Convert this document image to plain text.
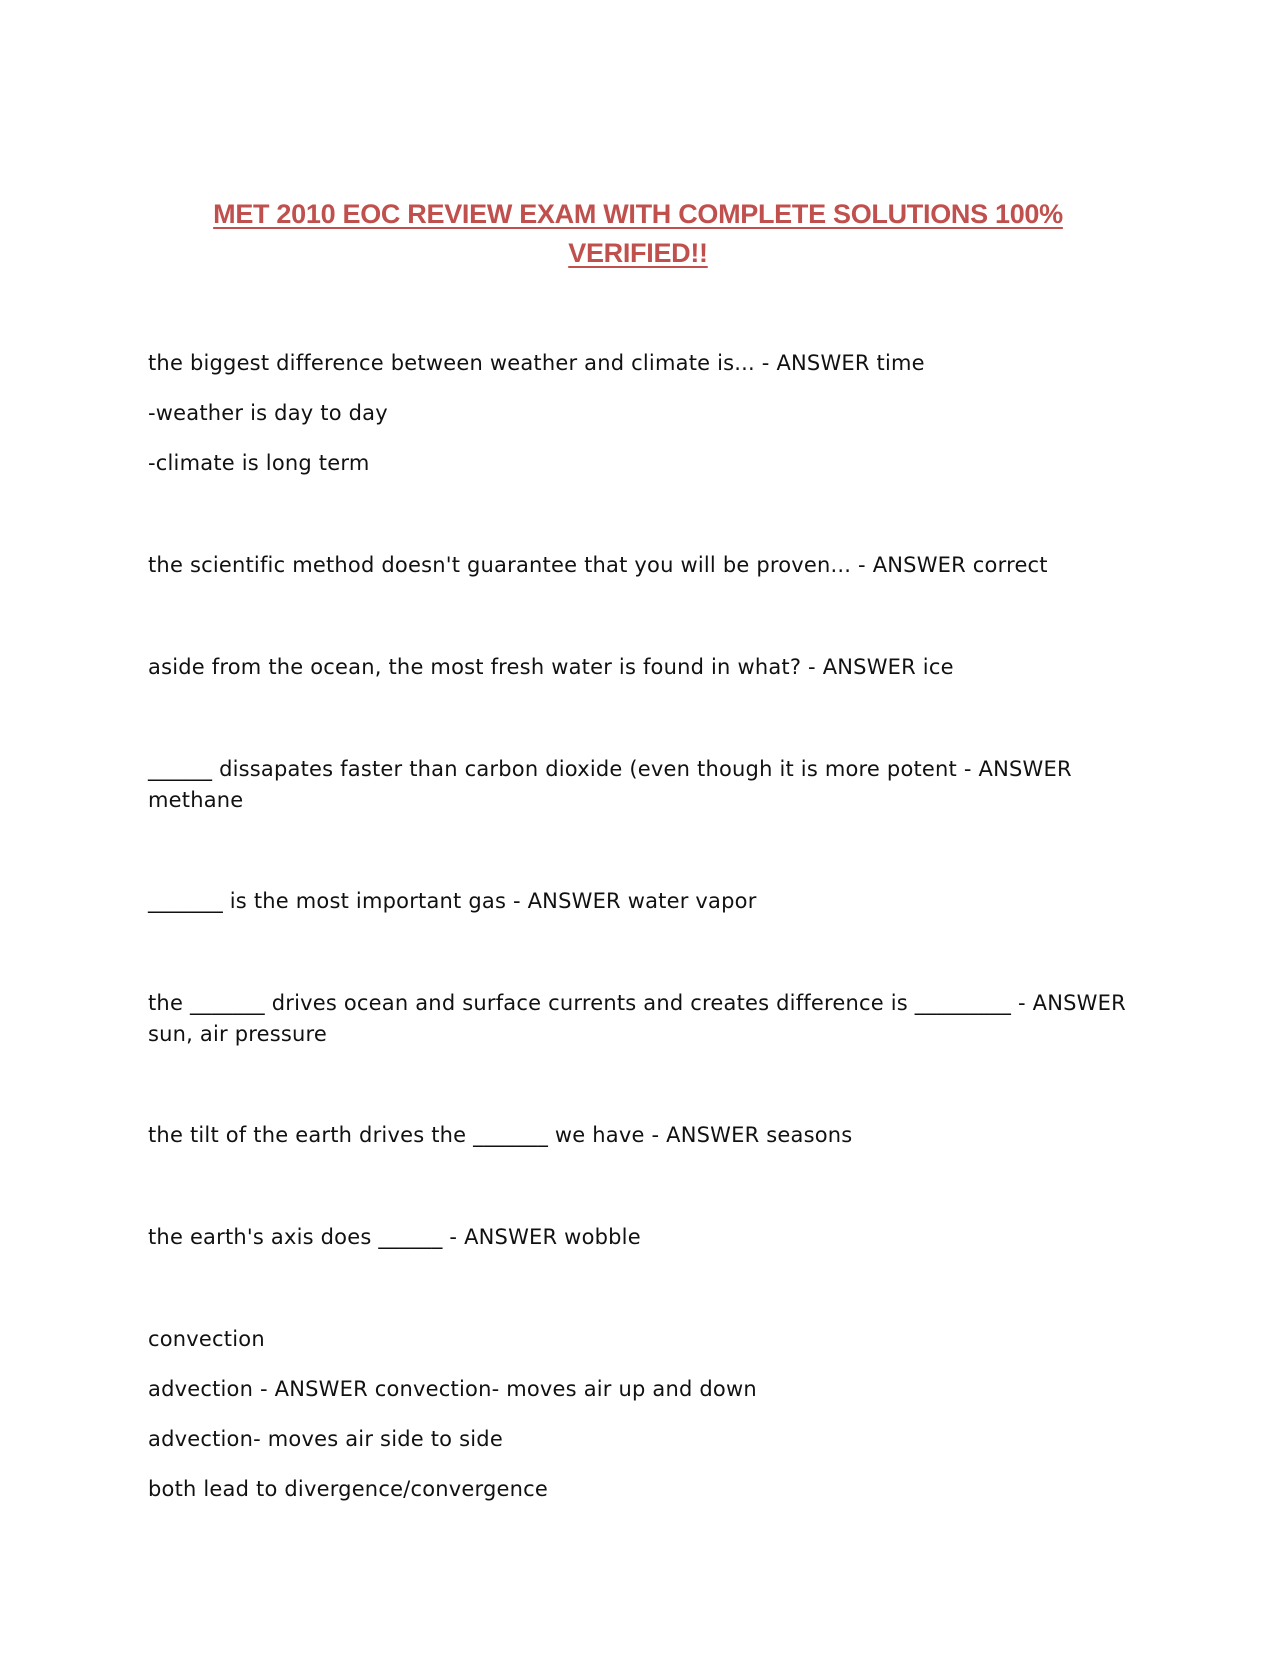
MET 2010 EOC REVIEW EXAM WITH COMPLETE SOLUTIONS 100% VERIFIED!!
the biggest difference between weather and climate is... - ANSWER time
-weather is day to day
-climate is long term
the scientific method doesn't guarantee that you will be proven... - ANSWER correct
aside from the ocean, the most fresh water is found in what? - ANSWER ice
______ dissapates faster than carbon dioxide (even though it is more potent - ANSWER methane
_______ is the most important gas - ANSWER water vapor
the _______ drives ocean and surface currents and creates difference is _________ - ANSWER sun, air pressure
the tilt of the earth drives the _______ we have - ANSWER seasons
the earth's axis does ______ - ANSWER wobble
convection
advection - ANSWER convection- moves air up and down
advection- moves air side to side
both lead to divergence/convergence
